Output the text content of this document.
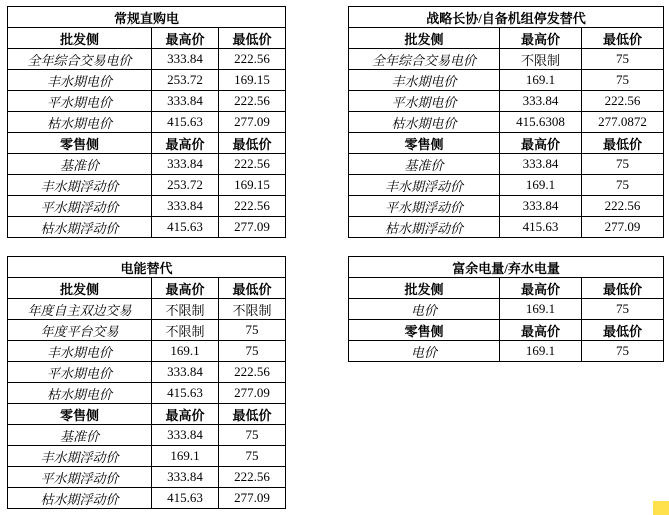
常规直购电		
批发侧	最高价	最低价
全年综合交易电价	333.84	222.56
丰水期电价	253.72	169.15
平水期电价	333.84	222.56
枯水期电价	415.63	277.09
零售侧	最高价	最低价
基准价	333.84	222.56
丰水期浮动价	253.72	169.15
平水期浮动价	333.84	222.56
枯水期浮动价	415.63	277.09
战略长协/自备机组停发替代		
批发侧	最高价	最低价
全年综合交易电价	不限制	75
丰水期电价	169.1	75
平水期电价	333.84	222.56
枯水期电价	415.6308	277.0872
零售侧	最高价	最低价
基准价	333.84	75
丰水期浮动价	169.1	75
平水期浮动价	333.84	222.56
枯水期浮动价	415.63	277.09
电能替代		
批发侧	最高价	最低价
年度自主双边交易	不限制	不限制
年度平台交易	不限制	75
丰水期电价	169.1	75
平水期电价	333.84	222.56
枯水期电价	415.63	277.09
零售侧	最高价	最低价
基准价	333.84	75
丰水期浮动价	169.1	75
平水期浮动价	333.84	222.56
枯水期浮动价	415.63	277.09
富余电量/弃水电量		
批发侧	最高价	最低价
电价	169.1	75
零售侧	最高价	最低价
电价	169.1	75
